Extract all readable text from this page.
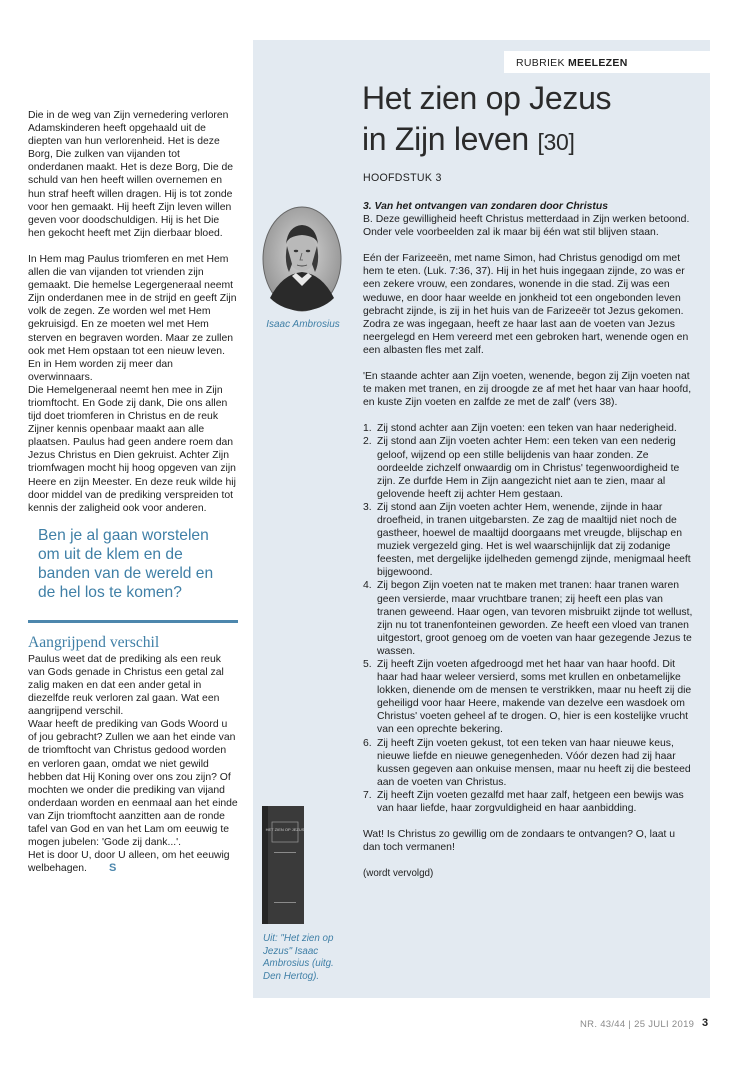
Die in de weg van Zijn vernedering verloren Adamskinderen heeft opgehaald uit de diepten van hun verlorenheid. Het is deze Borg, Die zulken van vijanden tot onderdanen maakt. Het is deze Borg, Die de schuld van hen heeft willen overnemen en hun straf heeft willen dragen. Hij is tot zonde voor hen gemaakt. Hij heeft Zijn leven willen geven voor doodschuldigen. Hij is het Die hen gekocht heeft met Zijn dierbaar bloed.

In Hem mag Paulus triomferen en met Hem allen die van vijanden tot vrienden zijn gemaakt. Die hemelse Legergeneraal neemt Zijn onderdanen mee in de strijd en geeft Zijn volk de zegen. Ze worden wel met Hem gekruisigd. En ze moeten wel met Hem sterven en begraven worden. Maar ze zullen ook met Hem opstaan tot een nieuw leven. En in Hem worden zij meer dan overwinnaars.

Die Hemelgeneraal neemt hen mee in Zijn triomftocht. En Gode zij dank, Die ons allen tijd doet triomferen in Christus en de reuk Zijner kennis openbaar maakt aan alle plaatsen. Paulus had geen andere roem dan Jezus Christus en Dien gekruist. Achter Zijn triomfwagen mocht hij hoog opgeven van zijn Heere en zijn Meester. En deze reuk wilde hij door middel van de prediking verspreiden tot kennis der zaligheid ook voor anderen.

Ben je al gaan worstelen om uit de klem en de banden van de wereld en de hel los te komen?
Aangrijpend verschil

Paulus weet dat de prediking als een reuk van Gods genade in Christus een getal zal zalig maken en dat een ander getal in diezelfde reuk verloren zal gaan. Wat een aangrijpend verschil.

Waar heeft de prediking van Gods Woord u of jou gebracht? Zullen we aan het einde van de triomftocht van Christus gedood worden en verloren gaan, omdat we niet gewild hebben dat Hij Koning over ons zou zijn? Of mochten we onder die prediking van vijand onderdaan worden en eenmaal aan het einde van Zijn triomftocht aanzitten aan de ronde tafel van God en van het Lam om eeuwig te mogen jubelen: 'Gode zij dank...'.

Het is door U, door U alleen, om het eeuwig welbehagen. S

RUBRIEK MEELEZEN
Het zien op Jezus
in Zijn leven [30]
HOOFDSTUK 3
Isaac Ambrosius
HET ZIEN OP JEZUS
Uit: "Het zien op Jezus" Isaac Ambrosius (uitg. Den Hertog).

3. Van het ontvangen van zondaren door Christus

B. Deze gewilligheid heeft Christus metterdaad in Zijn werken betoond. Onder vele voorbeelden zal ik maar bij één wat stil blijven staan.

Eén der Farizeeën, met name Simon, had Christus genodigd om met hem te eten. (Luk. 7:36, 37). Hij in het huis ingegaan zijnde, zo was er een zekere vrouw, een zondares, wonende in die stad. Zij was een weduwe, en door haar weelde en jonkheid tot een ongebonden leven gebracht zijnde, is zij in het huis van de Farizeeër tot Jezus gekomen. Zodra ze was ingegaan, heeft ze haar last aan de voeten van Jezus neergelegd en Hem vereerd met een gebroken hart, wenende ogen en een albasten fles met zalf.

'En staande achter aan Zijn voeten, wenende, begon zij Zijn voeten nat te maken met tranen, en zij droogde ze af met het haar van haar hoofd, en kuste Zijn voeten en zalfde ze met de zalf' (vers 38).

1. Zij stond achter aan Zijn voeten: een teken van haar nederigheid.
2. Zij stond aan Zijn voeten achter Hem: een teken van een nederig geloof, wijzend op een stille belijdenis van haar zonden. Ze oordeelde zichzelf onwaardig om in Christus' tegenwoordigheid te zijn. Ze durfde Hem in Zijn aangezicht niet aan te zien, maar al gelovende heeft zij achter Hem gestaan.
3. Zij stond aan Zijn voeten achter Hem, wenende, zijnde in haar droefheid, in tranen uitgebarsten. Ze zag de maaltijd niet noch de gastheer, hoewel de maaltijd doorgaans met vreugde, blijschap en muziek vergezeld ging. Het is wel waarschijnlijk dat zij zodanige feesten, met dergelijke ijdelheden gemengd zijnde, menigmaal heeft bijgewoond.
4. Zij begon Zijn voeten nat te maken met tranen: haar tranen waren geen versierde, maar vruchtbare tranen; zij heeft een plas van tranen geweend. Haar ogen, van tevoren misbruikt zijnde tot wellust, zijn nu tot tranenfonteinen geworden. Ze heeft een vloed van tranen uitgestort, groot genoeg om de voeten van haar gezegende Jezus te wassen.
5. Zij heeft Zijn voeten afgedroogd met het haar van haar hoofd. Dit haar had haar weleer versierd, soms met krullen en onbetamelijke lokken, dienende om de mensen te verstrikken, maar nu heeft zij die geheiligd voor haar Heere, makende van dezelve een wasdoek om Christus' voeten geheel af te drogen. O, hier is een kostelijke vrucht van een oprechte bekering.
6. Zij heeft Zijn voeten gekust, tot een teken van haar nieuwe keus, nieuwe liefde en nieuwe genegenheden. Vóór dezen had zij haar kussen gegeven aan onkuise mensen, maar nu heeft zij die besteed aan de voeten van Christus.
7. Zij heeft Zijn voeten gezalfd met haar zalf, hetgeen een bewijs was van haar liefde, haar zorgvuldigheid en haar aanbidding.

Wat! Is Christus zo gewillig om de zondaars te ontvangen? O, laat u dan toch vermanen!

(wordt vervolgd)

NR. 43/44 | 25 JULI 2019 3
